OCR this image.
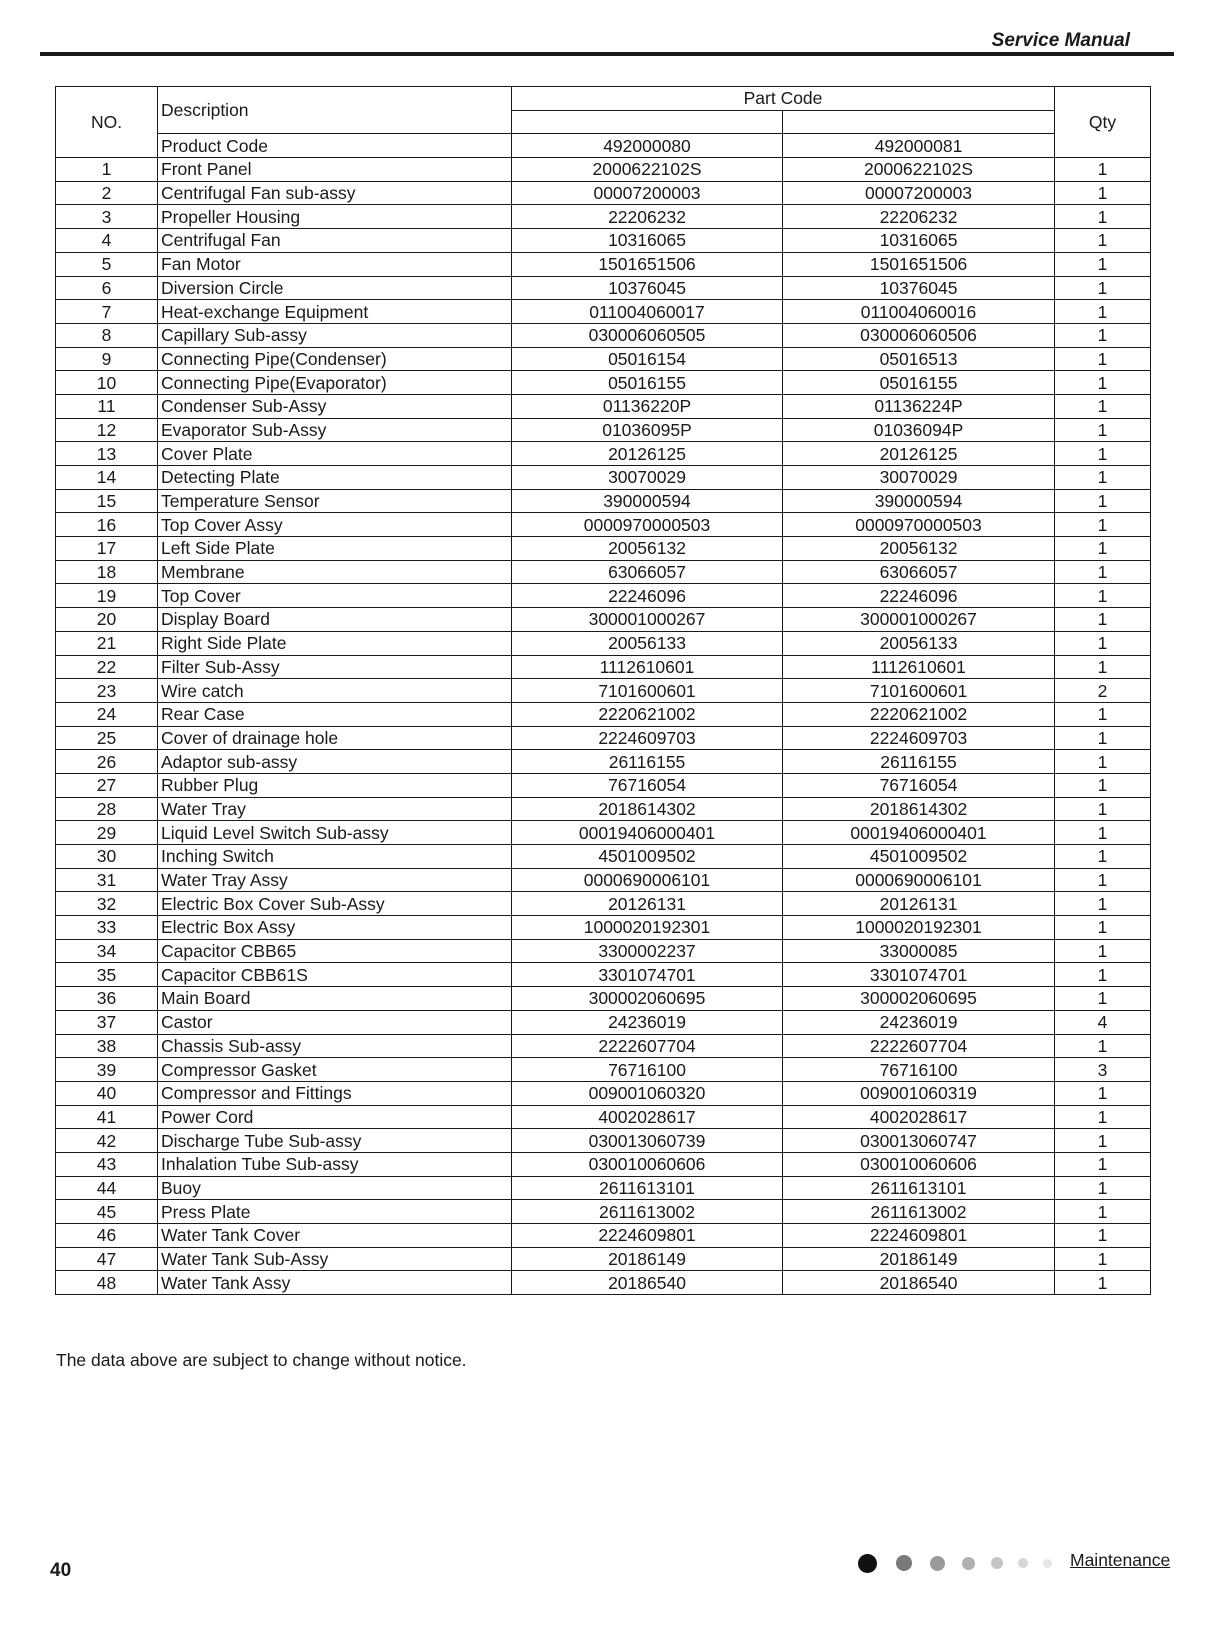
Service Manual
NO.	Description	Part Code		Qty

	Product Code	492000080	492000081	
1	Front Panel	2000622102S	2000622102S	1
2	Centrifugal Fan sub-assy	00007200003	00007200003	1
3	Propeller Housing	22206232	22206232	1
4	Centrifugal Fan	10316065	10316065	1
5	Fan Motor	1501651506	1501651506	1
6	Diversion Circle	10376045	10376045	1
7	Heat-exchange Equipment	011004060017	011004060016	1
8	Capillary Sub-assy	030006060505	030006060506	1
9	Connecting Pipe(Condenser)	05016154	05016513	1
10	Connecting Pipe(Evaporator)	05016155	05016155	1
11	Condenser Sub-Assy	01136220P	01136224P	1
12	Evaporator Sub-Assy	01036095P	01036094P	1
13	Cover Plate	20126125	20126125	1
14	Detecting Plate	30070029	30070029	1
15	Temperature Sensor	390000594	390000594	1
16	Top Cover Assy	0000970000503	0000970000503	1
17	Left Side Plate	20056132	20056132	1
18	Membrane	63066057	63066057	1
19	Top Cover	22246096	22246096	1
20	Display Board	300001000267	300001000267	1
21	Right Side Plate	20056133	20056133	1
22	Filter Sub-Assy	1112610601	1112610601	1
23	Wire catch	7101600601	7101600601	2
24	Rear Case	2220621002	2220621002	1
25	Cover of drainage hole	2224609703	2224609703	1
26	Adaptor sub-assy	26116155	26116155	1
27	Rubber Plug	76716054	76716054	1
28	Water Tray	2018614302	2018614302	1
29	Liquid Level Switch Sub-assy	00019406000401	00019406000401	1
30	Inching Switch	4501009502	4501009502	1
31	Water Tray Assy	0000690006101	0000690006101	1
32	Electric Box Cover Sub-Assy	20126131	20126131	1
33	Electric Box Assy	1000020192301	1000020192301	1
34	Capacitor CBB65	3300002237	33000085	1
35	Capacitor CBB61S	3301074701	3301074701	1
36	Main Board	300002060695	300002060695	1
37	Castor	24236019	24236019	4
38	Chassis Sub-assy	2222607704	2222607704	1
39	Compressor Gasket	76716100	76716100	3
40	Compressor and Fittings	009001060320	009001060319	1
41	Power Cord	4002028617	4002028617	1
42	Discharge Tube Sub-assy	030013060739	030013060747	1
43	Inhalation Tube Sub-assy	030010060606	030010060606	1
44	Buoy	2611613101	2611613101	1
45	Press Plate	2611613002	2611613002	1
46	Water Tank Cover	2224609801	2224609801	1
47	Water Tank Sub-Assy	20186149	20186149	1
48	Water Tank Assy	20186540	20186540	1
The data above are subject to change without notice.
40	Maintenance
